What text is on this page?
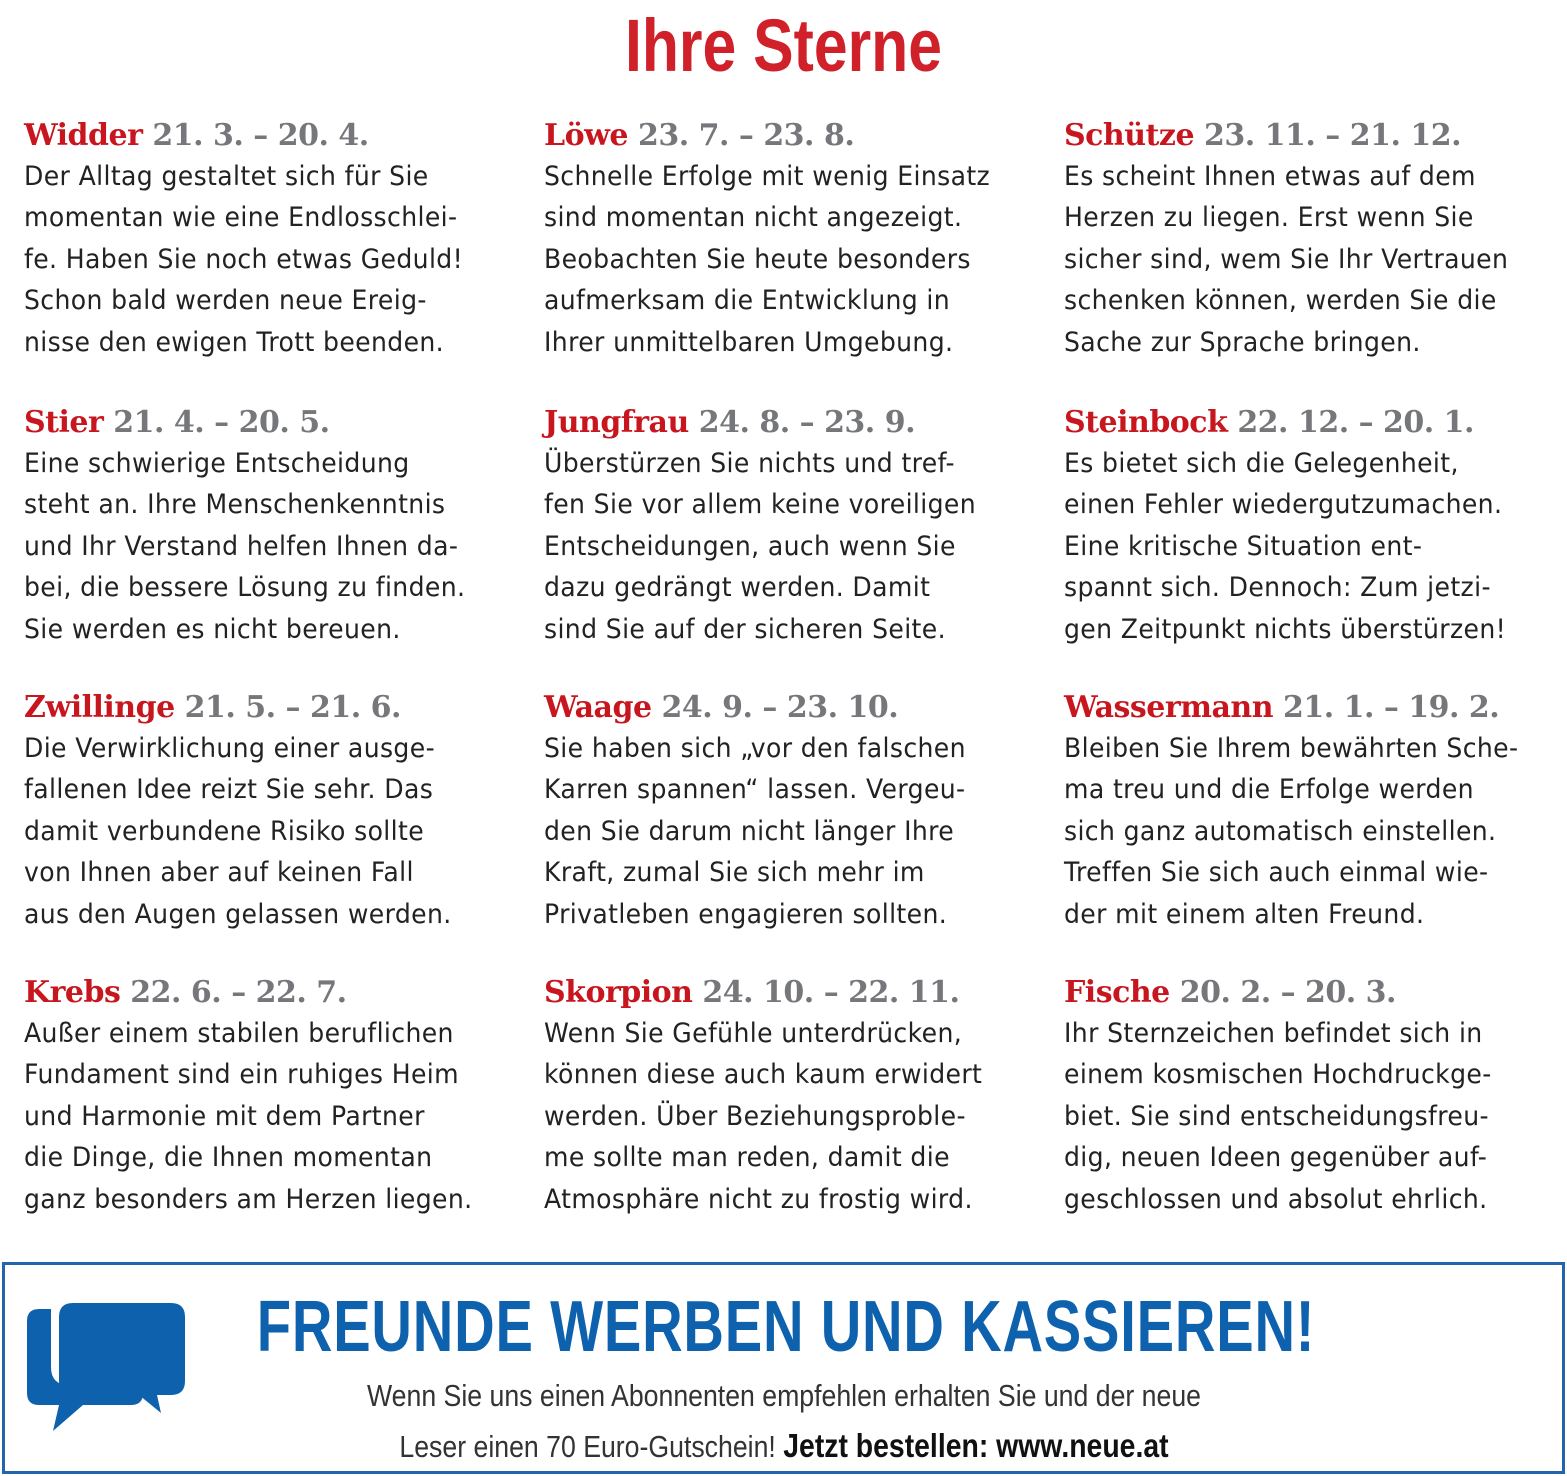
Ihre Sterne
Widder 21. 3. – 20. 4.
Der Alltag gestaltet sich für Sie
momentan wie eine Endlosschlei-
fe. Haben Sie noch etwas Geduld!
Schon bald werden neue Ereig-
nisse den ewigen Trott beenden.
Stier 21. 4. – 20. 5.
Eine schwierige Entscheidung
steht an. Ihre Menschenkenntnis
und Ihr Verstand helfen Ihnen da-
bei, die bessere Lösung zu finden.
Sie werden es nicht bereuen.
Zwillinge 21. 5. – 21. 6.
Die Verwirklichung einer ausge-
fallenen Idee reizt Sie sehr. Das
damit verbundene Risiko sollte
von Ihnen aber auf keinen Fall
aus den Augen gelassen werden.
Krebs 22. 6. – 22. 7.
Außer einem stabilen beruflichen
Fundament sind ein ruhiges Heim
und Harmonie mit dem Partner
die Dinge, die Ihnen momentan
ganz besonders am Herzen liegen.
Löwe 23. 7. – 23. 8.
Schnelle Erfolge mit wenig Einsatz
sind momentan nicht angezeigt.
Beobachten Sie heute besonders
aufmerksam die Entwicklung in
Ihrer unmittelbaren Umgebung.
Jungfrau 24. 8. – 23. 9.
Überstürzen Sie nichts und tref-
fen Sie vor allem keine voreiligen
Entscheidungen, auch wenn Sie
dazu gedrängt werden. Damit
sind Sie auf der sicheren Seite.
Waage 24. 9. – 23. 10.
Sie haben sich „vor den falschen
Karren spannen“ lassen. Vergeu-
den Sie darum nicht länger Ihre
Kraft, zumal Sie sich mehr im
Privatleben engagieren sollten.
Skorpion 24. 10. – 22. 11.
Wenn Sie Gefühle unterdrücken,
können diese auch kaum erwidert
werden. Über Beziehungsproble-
me sollte man reden, damit die
Atmosphäre nicht zu frostig wird.
Schütze 23. 11. – 21. 12.
Es scheint Ihnen etwas auf dem
Herzen zu liegen. Erst wenn Sie
sicher sind, wem Sie Ihr Vertrauen
schenken können, werden Sie die
Sache zur Sprache bringen.
Steinbock 22. 12. – 20. 1.
Es bietet sich die Gelegenheit,
einen Fehler wiedergutzumachen.
Eine kritische Situation ent-
spannt sich. Dennoch: Zum jetzi-
gen Zeitpunkt nichts überstürzen!
Wassermann 21. 1. – 19. 2.
Bleiben Sie Ihrem bewährten Sche-
ma treu und die Erfolge werden
sich ganz automatisch einstellen.
Treffen Sie sich auch einmal wie-
der mit einem alten Freund.
Fische 20. 2. – 20. 3.
Ihr Sternzeichen befindet sich in
einem kosmischen Hochdruckge-
biet. Sie sind entscheidungsfreu-
dig, neuen Ideen gegenüber auf-
geschlossen und absolut ehrlich.
FREUNDE WERBEN UND KASSIEREN!
Wenn Sie uns einen Abonnenten empfehlen erhalten Sie und der neue
Leser einen 70 Euro-Gutschein! Jetzt bestellen: www.neue.at
